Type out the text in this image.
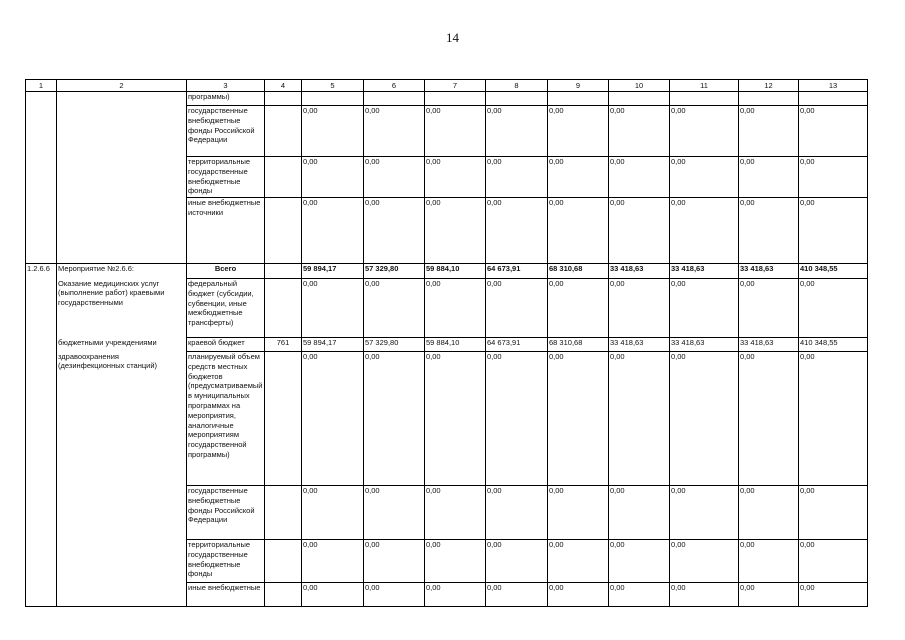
14
1	2	3	4	5	6	7	8	9	10	11	12	13
		программы)										
		государственные внебюджетные фонды Российской Федерации		0,00	0,00	0,00	0,00	0,00	0,00	0,00	0,00	0,00
		территориальные государственные внебюджетные фонды		0,00	0,00	0,00	0,00	0,00	0,00	0,00	0,00	0,00
		иные внебюджетные источники		0,00	0,00	0,00	0,00	0,00	0,00	0,00	0,00	0,00
1.2.6.6	Мероприятие №2.6.6:	Всего		59 894,17	57 329,80	59 884,10	64 673,91	68 310,68	33 418,63	33 418,63	33 418,63	410 348,55
	Оказание медицинских услуг (выполнение работ) краевыми государственными	федеральный бюджет (субсидии, субвенции, иные межбюджетные трансферты)		0,00	0,00	0,00	0,00	0,00	0,00	0,00	0,00	0,00
	бюджетными учреждениями	краевой бюджет	761	59 894,17	57 329,80	59 884,10	64 673,91	68 310,68	33 418,63	33 418,63	33 418,63	410 348,55
	здравоохранения (дезинфекционных станций)	планируемый объем средств местных бюджетов (предусматриваемый в муниципальных программах на мероприятия, аналогичные мероприятиям государственной программы)		0,00	0,00	0,00	0,00	0,00	0,00	0,00	0,00	0,00
		государственные внебюджетные фонды Российской Федерации		0,00	0,00	0,00	0,00	0,00	0,00	0,00	0,00	0,00
		территориальные государственные внебюджетные фонды		0,00	0,00	0,00	0,00	0,00	0,00	0,00	0,00	0,00
		иные внебюджетные		0,00	0,00	0,00	0,00	0,00	0,00	0,00	0,00	0,00
